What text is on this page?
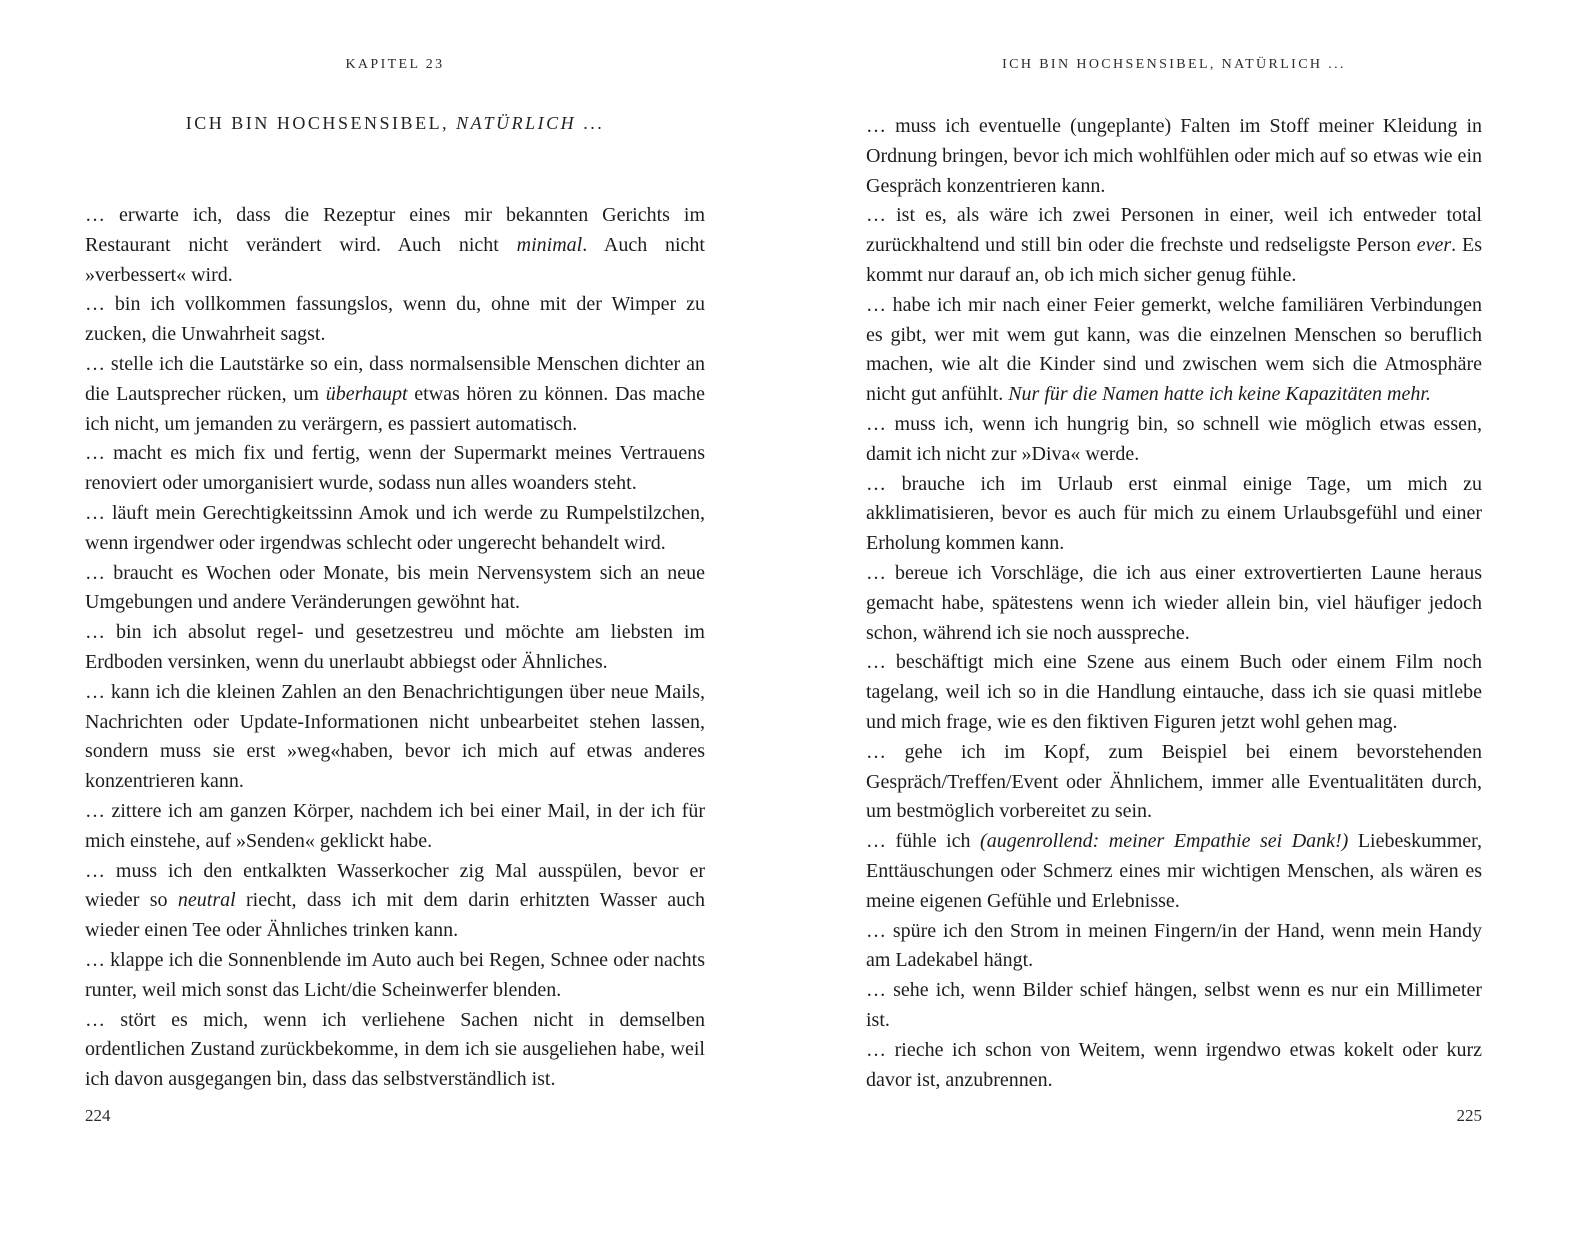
KAPITEL 23
ICH BIN HOCHSENSIBEL, NATÜRLICH ...

… erwarte ich, dass die Rezeptur eines mir bekannten Gerichts im Restaurant nicht verändert wird. Auch nicht minimal. Auch nicht »verbessert« wird.

… bin ich vollkommen fassungslos, wenn du, ohne mit der Wimper zu zucken, die Unwahrheit sagst.

… stelle ich die Lautstärke so ein, dass normalsensible Menschen dichter an die Lautsprecher rücken, um überhaupt etwas hören zu können. Das mache ich nicht, um jemanden zu verärgern, es passiert automatisch.

… macht es mich fix und fertig, wenn der Supermarkt meines Vertrauens renoviert oder umorganisiert wurde, sodass nun alles woanders steht.

… läuft mein Gerechtigkeitssinn Amok und ich werde zu Rumpelstilzchen, wenn irgendwer oder irgendwas schlecht oder ungerecht behandelt wird.

… braucht es Wochen oder Monate, bis mein Nervensystem sich an neue Umgebungen und andere Veränderungen gewöhnt hat.

… bin ich absolut regel- und gesetzestreu und möchte am liebsten im Erdboden versinken, wenn du unerlaubt abbiegst oder Ähnliches.

… kann ich die kleinen Zahlen an den Benachrichtigungen über neue Mails, Nachrichten oder Update-Informationen nicht unbearbeitet stehen lassen, sondern muss sie erst »weg«haben, bevor ich mich auf etwas anderes konzentrieren kann.

… zittere ich am ganzen Körper, nachdem ich bei einer Mail, in der ich für mich einstehe, auf »Senden« geklickt habe.

… muss ich den entkalkten Wasserkocher zig Mal ausspülen, bevor er wieder so neutral riecht, dass ich mit dem darin erhitzten Wasser auch wieder einen Tee oder Ähnliches trinken kann.

… klappe ich die Sonnenblende im Auto auch bei Regen, Schnee oder nachts runter, weil mich sonst das Licht/die Scheinwerfer blenden.

… stört es mich, wenn ich verliehene Sachen nicht in demselben ordentlichen Zustand zurückbekomme, in dem ich sie ausgeliehen habe, weil ich davon ausgegangen bin, dass das selbstverständlich ist.

224
ICH BIN HOCHSENSIBEL, NATÜRLICH ...

… muss ich eventuelle (ungeplante) Falten im Stoff meiner Kleidung in Ordnung bringen, bevor ich mich wohlfühlen oder mich auf so etwas wie ein Gespräch konzentrieren kann.

… ist es, als wäre ich zwei Personen in einer, weil ich entweder total zurückhaltend und still bin oder die frechste und redseligste Person ever. Es kommt nur darauf an, ob ich mich sicher genug fühle.

… habe ich mir nach einer Feier gemerkt, welche familiären Verbindungen es gibt, wer mit wem gut kann, was die einzelnen Menschen so beruflich machen, wie alt die Kinder sind und zwischen wem sich die Atmosphäre nicht gut anfühlt. Nur für die Namen hatte ich keine Kapazitäten mehr.

… muss ich, wenn ich hungrig bin, so schnell wie möglich etwas essen, damit ich nicht zur »Diva« werde.

… brauche ich im Urlaub erst einmal einige Tage, um mich zu akklimatisieren, bevor es auch für mich zu einem Urlaubsgefühl und einer Erholung kommen kann.

… bereue ich Vorschläge, die ich aus einer extrovertierten Laune heraus gemacht habe, spätestens wenn ich wieder allein bin, viel häufiger jedoch schon, während ich sie noch ausspreche.

… beschäftigt mich eine Szene aus einem Buch oder einem Film noch tagelang, weil ich so in die Handlung eintauche, dass ich sie quasi mitlebe und mich frage, wie es den fiktiven Figuren jetzt wohl gehen mag.

… gehe ich im Kopf, zum Beispiel bei einem bevorstehenden Gespräch/Treffen/Event oder Ähnlichem, immer alle Eventualitäten durch, um bestmöglich vorbereitet zu sein.

… fühle ich (augenrollend: meiner Empathie sei Dank!) Liebeskummer, Enttäuschungen oder Schmerz eines mir wichtigen Menschen, als wären es meine eigenen Gefühle und Erlebnisse.

… spüre ich den Strom in meinen Fingern/in der Hand, wenn mein Handy am Ladekabel hängt.

… sehe ich, wenn Bilder schief hängen, selbst wenn es nur ein Millimeter ist.

… rieche ich schon von Weitem, wenn irgendwo etwas kokelt oder kurz davor ist, anzubrennen.

225
